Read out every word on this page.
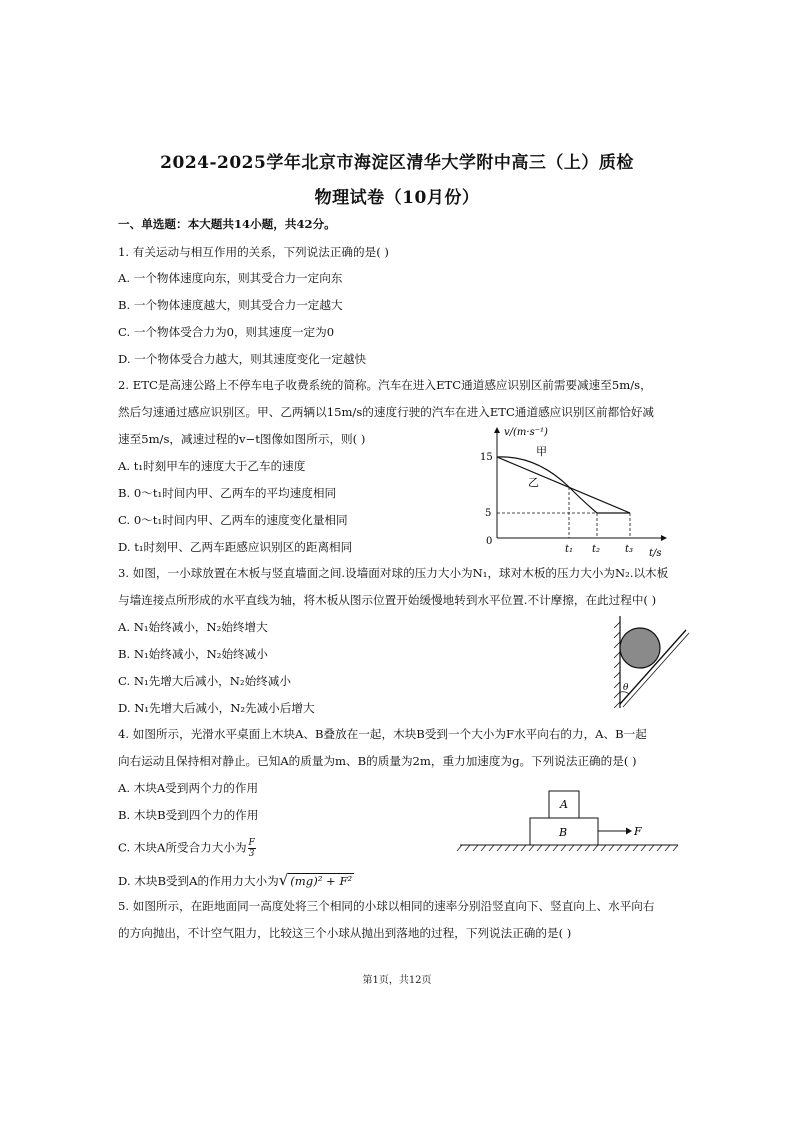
2024-2025学年北京市海淀区清华大学附中高三（上）质检
物理试卷（10月份）
一、单选题：本大题共14小题，共42分。
1. 有关运动与相互作用的关系，下列说法正确的是( )
A. 一个物体速度向东，则其受合力一定向东
B. 一个物体速度越大，则其受合力一定越大
C. 一个物体受合力为0，则其速度一定为0
D. 一个物体受合力越大，则其速度变化一定越快
2. ETC是高速公路上不停车电子收费系统的简称。汽车在进入ETC通道感应识别区前需要减速至5m/s，
然后匀速通过感应识别区。甲、乙两辆以15m/s的速度行驶的汽车在进入ETC通道感应识别区前都恰好减
速至5m/s，减速过程的v−t图像如图所示，则( )
A. t₁时刻甲车的速度大于乙车的速度
B. 0～t₁时间内甲、乙两车的平均速度相同
C. 0～t₁时间内甲、乙两车的速度变化量相同
D. t₁时刻甲、乙两车距感应识别区的距离相同
v/(m·s⁻¹)
t/s
15
5
0
甲
乙
t₁ t₂ t₃
3. 如图，一小球放置在木板与竖直墙面之间.设墙面对球的压力大小为N₁，球对木板的压力大小为N₂.以木板
与墙连接点所形成的水平直线为轴，将木板从图示位置开始缓慢地转到水平位置.不计摩擦，在此过程中( )
A. N₁始终减小，N₂始终增大
B. N₁始终减小，N₂始终减小
C. N₁先增大后减小，N₂始终减小
D. N₁先增大后减小，N₂先减小后增大
θ
4. 如图所示，光滑水平桌面上木块A、B叠放在一起，木块B受到一个大小为F水平向右的力，A、B一起
向右运动且保持相对静止。已知A的质量为m、B的质量为2m，重力加速度为g。下列说法正确的是( )
A. 木块A受到两个力的作用
B. 木块B受到四个力的作用
C. 木块A所受合力大小为 $\frac{F}{3}$
D. 木块B受到A的作用力大小为√ (mg)² + F²
A
B	F
5. 如图所示，在距地面同一高度处将三个相同的小球以相同的速率分别沿竖直向下、竖直向上、水平向右
的方向抛出，不计空气阻力，比较这三个小球从抛出到落地的过程，下列说法正确的是( )
第1页，共12页
